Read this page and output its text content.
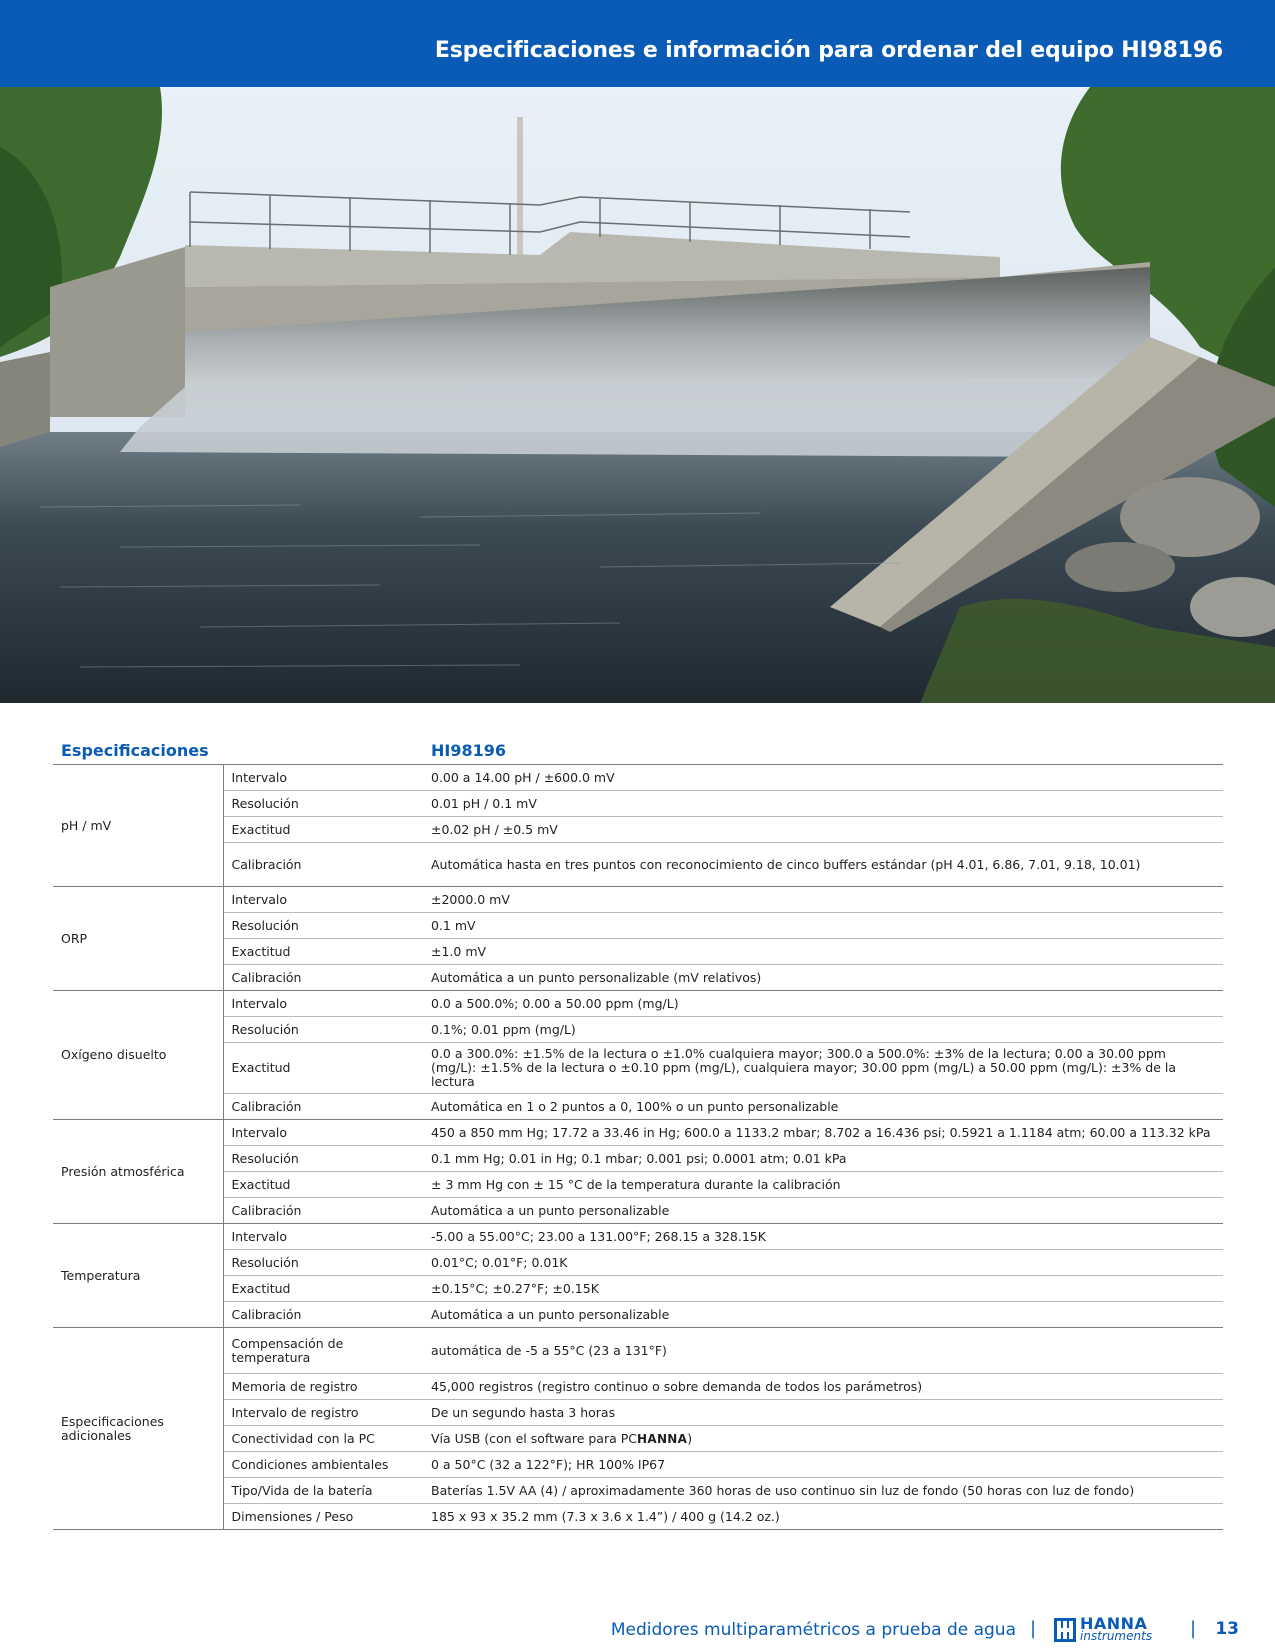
Especificaciones e información para ordenar del equipo HI98196
Especificaciones		HI98196
pH / mV	Intervalo	0.00 a 14.00 pH / ±600.0 mV
	Resolución	0.01 pH / 0.1 mV
	Exactitud	±0.02 pH / ±0.5 mV
	Calibración	Automática hasta en tres puntos con reconocimiento de cinco buffers estándar (pH 4.01, 6.86, 7.01, 9.18, 10.01)
ORP	Intervalo	±2000.0 mV
	Resolución	0.1 mV
	Exactitud	±1.0 mV
	Calibración	Automática a un punto personalizable (mV relativos)
Oxígeno disuelto	Intervalo	0.0 a 500.0%; 0.00 a 50.00 ppm (mg/L)
	Resolución	0.1%; 0.01 ppm (mg/L)
	Exactitud	0.0 a 300.0%: ±1.5% de la lectura o ±1.0% cualquiera mayor; 300.0 a 500.0%: ±3% de la lectura; 0.00 a 30.00 ppm (mg/L): ±1.5% de la lectura o ±0.10 ppm (mg/L), cualquiera mayor; 30.00 ppm (mg/L) a 50.00 ppm (mg/L): ±3% de la lectura
	Calibración	Automática en 1 o 2 puntos a 0, 100% o un punto personalizable
Presión atmosférica	Intervalo	450 a 850 mm Hg; 17.72 a 33.46 in Hg; 600.0 a 1133.2 mbar; 8.702 a 16.436 psi; 0.5921 a 1.1184 atm; 60.00 a 113.32 kPa
	Resolución	0.1 mm Hg; 0.01 in Hg; 0.1 mbar; 0.001 psi; 0.0001 atm; 0.01 kPa
	Exactitud	± 3 mm Hg con ± 15 °C de la temperatura durante la calibración
	Calibración	Automática a un punto personalizable
Temperatura	Intervalo	-5.00 a 55.00°C; 23.00 a 131.00°F; 268.15 a 328.15K
	Resolución	0.01°C; 0.01°F; 0.01K
	Exactitud	±0.15°C; ±0.27°F; ±0.15K
	Calibración	Automática a un punto personalizable
Especificaciones adicionales	Compensación de temperatura	automática de -5 a 55°C (23 a 131°F)
	Memoria de registro	45,000 registros (registro continuo o sobre demanda de todos los parámetros)
	Intervalo de registro	De un segundo hasta 3 horas
	Conectividad con la PC	Vía USB (con el software para PCHANNA)
	Condiciones ambientales	0 a 50°C (32 a 122°F); HR 100% IP67
	Tipo/Vida de la batería	Baterías 1.5V AA (4) / aproximadamente 360 horas de uso continuo sin luz de fondo (50 horas con luz de fondo)
	Dimensiones / Peso	185 x 93 x 35.2 mm (7.3 x 3.6 x 1.4”) / 400 g (14.2 oz.)
Medidores multiparamétricos a prueba de agua |	HANNA
instruments | 13
